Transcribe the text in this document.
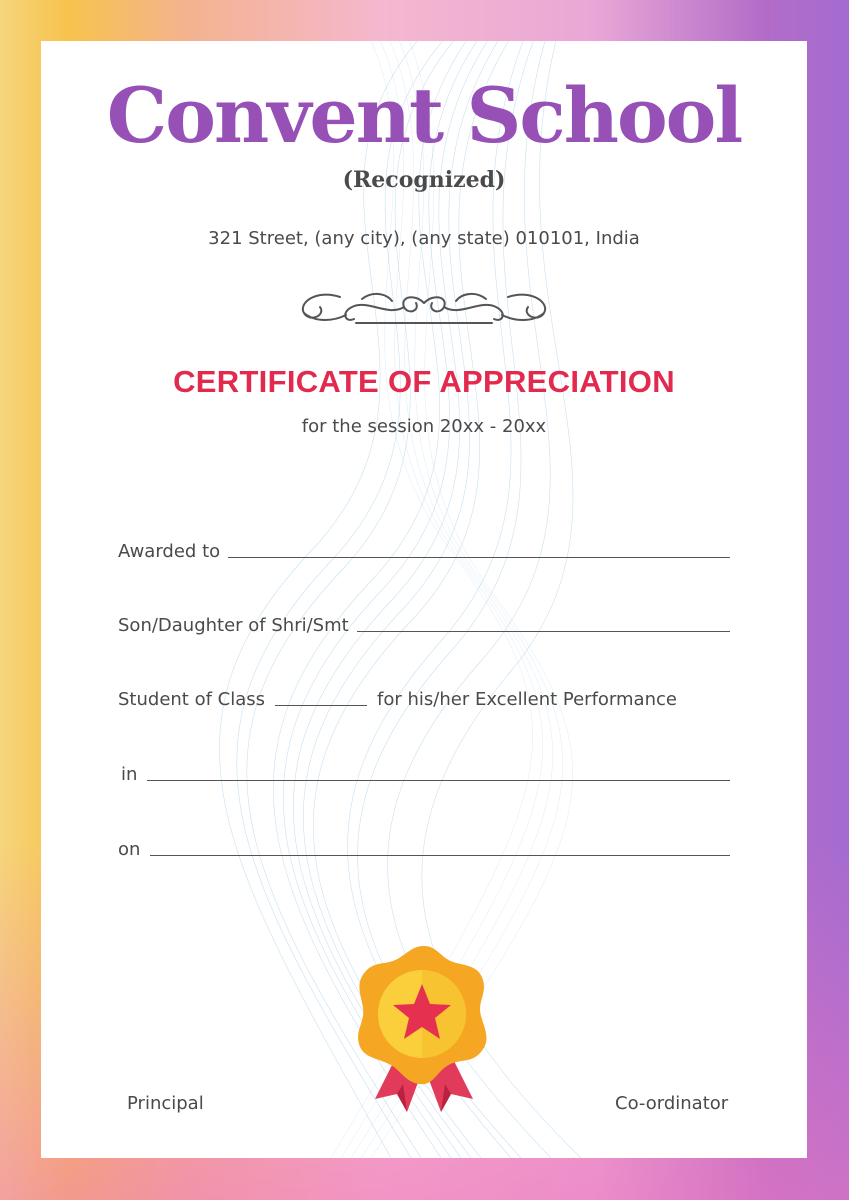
Convent School
(Recognized)
321 Street, (any city), (any state) 010101, India
CERTIFICATE OF APPRECIATION
for the session 20xx - 20xx
Awarded to
Son/Daughter of Shri/Smt
Student of Class	for his/her Excellent Performance
in
on
Principal	Co-ordinator
